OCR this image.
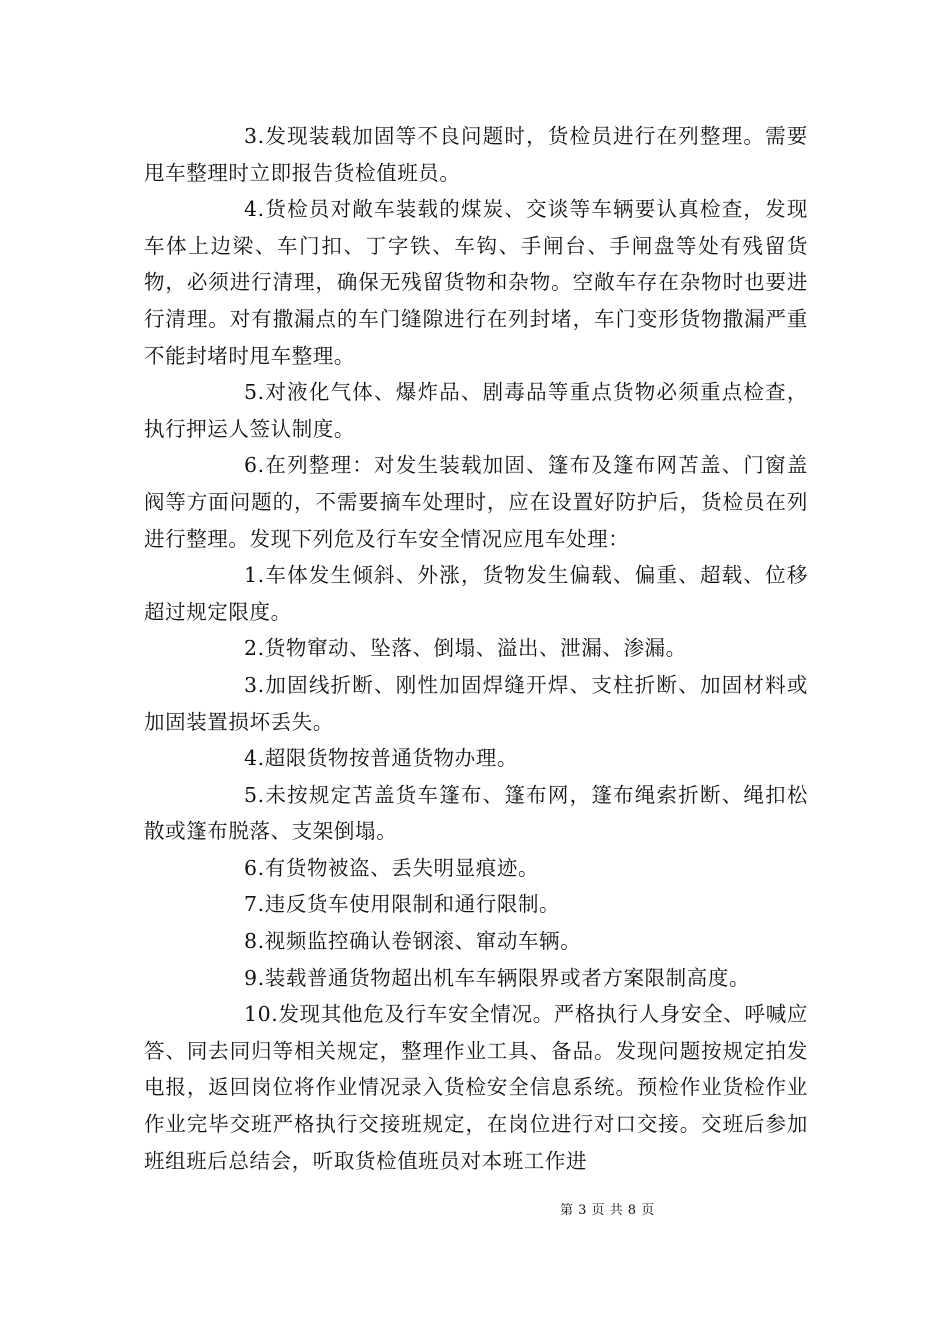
3.发现装载加固等不良问题时，货检员进行在列整理。需要甩车整理时立即报告货检值班员。

4.货检员对敞车装载的煤炭、交谈等车辆要认真检查，发现车体上边梁、车门扣、丁字铁、车钩、手闸台、手闸盘等处有残留货物，必须进行清理，确保无残留货物和杂物。空敞车存在杂物时也要进行清理。对有撒漏点的车门缝隙进行在列封堵，车门变形货物撒漏严重不能封堵时甩车整理。

5.对液化气体、爆炸品、剧毒品等重点货物必须重点检查，执行押运人签认制度。

6.在列整理：对发生装载加固、篷布及篷布网苫盖、门窗盖阀等方面问题的，不需要摘车处理时，应在设置好防护后，货检员在列进行整理。发现下列危及行车安全情况应甩车处理：

1.车体发生倾斜、外涨，货物发生偏载、偏重、超载、位移超过规定限度。

2.货物窜动、坠落、倒塌、溢出、泄漏、渗漏。

3.加固线折断、刚性加固焊缝开焊、支柱折断、加固材料或加固装置损坏丢失。

4.超限货物按普通货物办理。

5.未按规定苫盖货车篷布、篷布网，篷布绳索折断、绳扣松散或篷布脱落、支架倒塌。

6.有货物被盗、丢失明显痕迹。

7.违反货车使用限制和通行限制。

8.视频监控确认卷钢滚、窜动车辆。

9.装载普通货物超出机车车辆限界或者方案限制高度。

10.发现其他危及行车安全情况。严格执行人身安全、呼喊应答、同去同归等相关规定，整理作业工具、备品。发现问题按规定拍发电报，返回岗位将作业情况录入货检安全信息系统。预检作业货检作业作业完毕交班严格执行交接班规定，在岗位进行对口交接。交班后参加班组班后总结会，听取货检值班员对本班工作进

第 3 页 共 8 页
